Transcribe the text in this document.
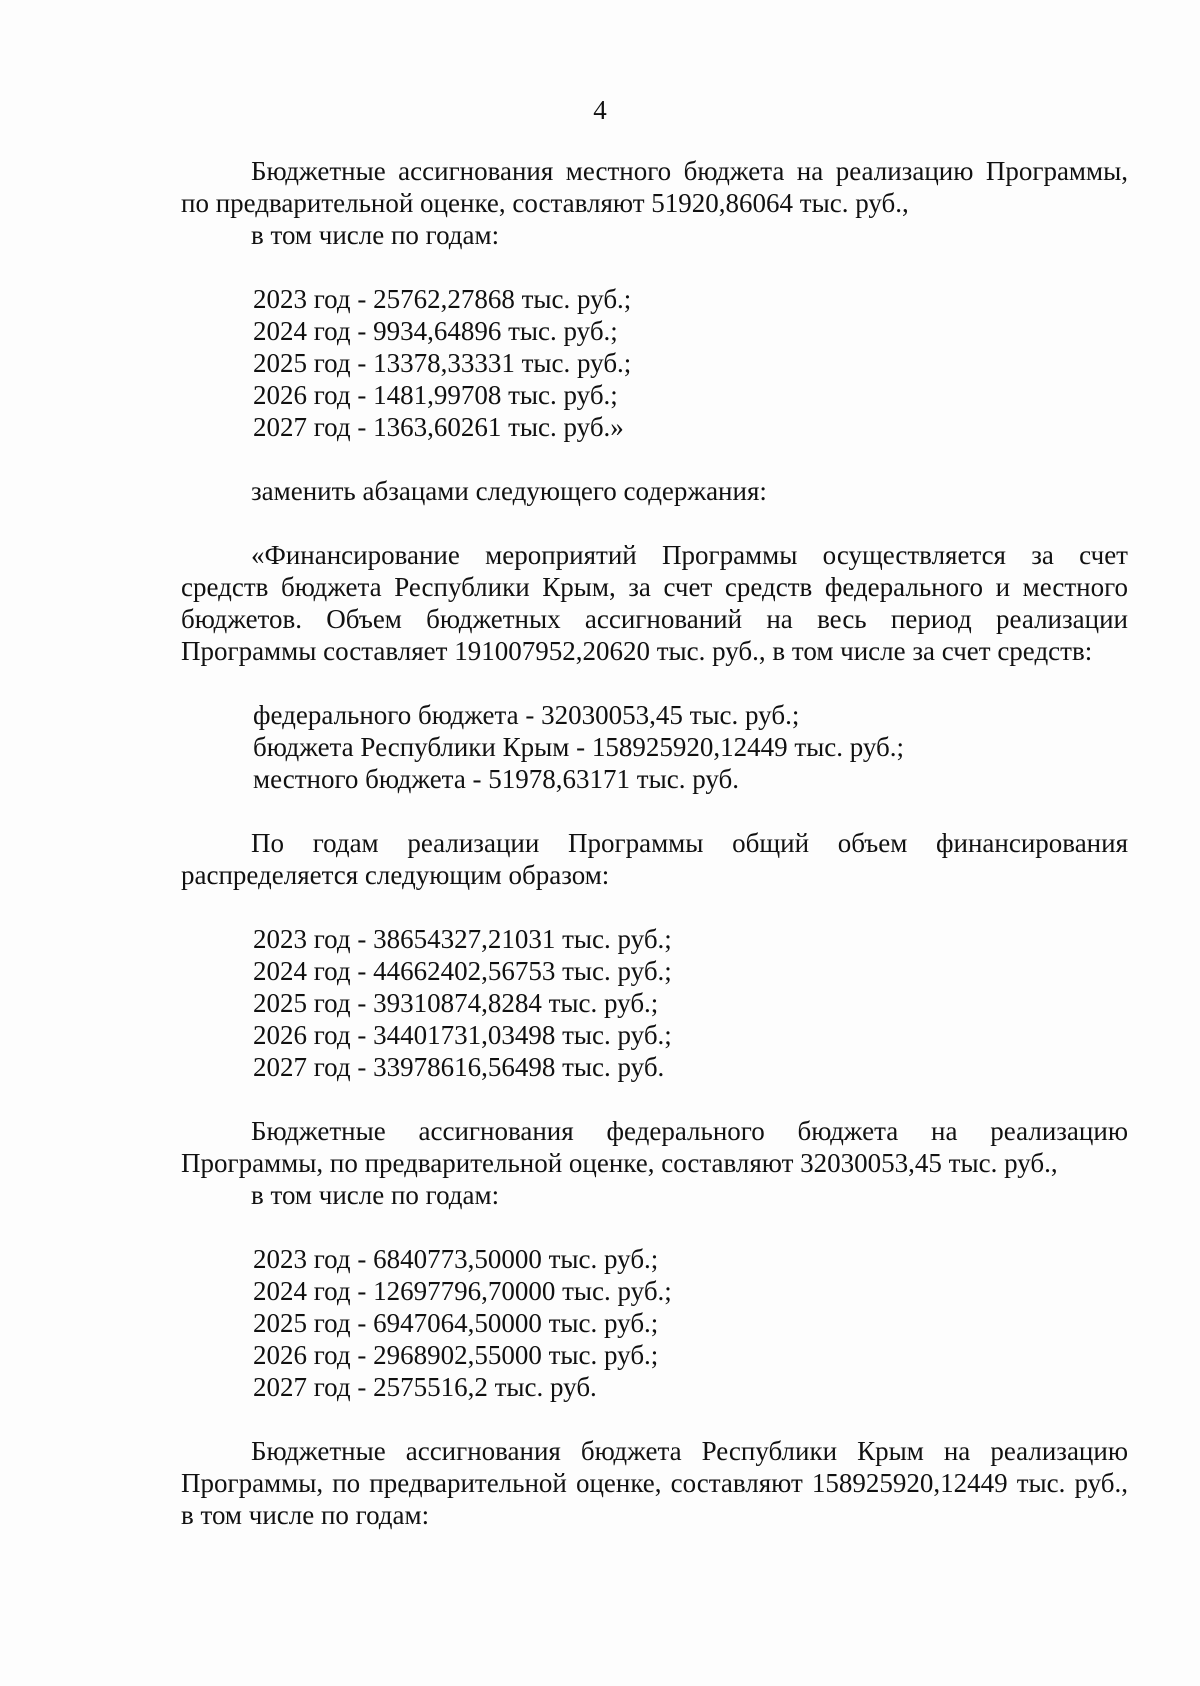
4

Бюджетные ассигнования местного бюджета на реализацию Программы, по предварительной оценке, составляют 51920,86064 тыс. руб.,

в том числе по годам:

2023 год - 25762,27868 тыс. руб.;
2024 год - 9934,64896 тыс. руб.;
2025 год - 13378,33331 тыс. руб.;
2026 год - 1481,99708 тыс. руб.;
2027 год - 1363,60261 тыс. руб.»

заменить абзацами следующего содержания:

«Финансирование мероприятий Программы осуществляется за счет средств бюджета Республики Крым, за счет средств федерального и местного бюджетов. Объем бюджетных ассигнований на весь период реализации Программы составляет 191007952,20620 тыс. руб., в том числе за счет средств:

федерального бюджета - 32030053,45 тыс. руб.;
бюджета Республики Крым - 158925920,12449 тыс. руб.;
местного бюджета - 51978,63171 тыс. руб.

По годам реализации Программы общий объем финансирования распределяется следующим образом:

2023 год - 38654327,21031 тыс. руб.;
2024 год - 44662402,56753 тыс. руб.;
2025 год - 39310874,8284 тыс. руб.;
2026 год - 34401731,03498 тыс. руб.;
2027 год - 33978616,56498 тыс. руб.

Бюджетные ассигнования федерального бюджета на реализацию Программы, по предварительной оценке, составляют 32030053,45 тыс. руб.,

в том числе по годам:

2023 год - 6840773,50000 тыс. руб.;
2024 год - 12697796,70000 тыс. руб.;
2025 год - 6947064,50000 тыс. руб.;
2026 год - 2968902,55000 тыс. руб.;
2027 год - 2575516,2 тыс. руб.

Бюджетные ассигнования бюджета Республики Крым на реализацию Программы, по предварительной оценке, составляют 158925920,12449 тыс. руб., в том числе по годам:
